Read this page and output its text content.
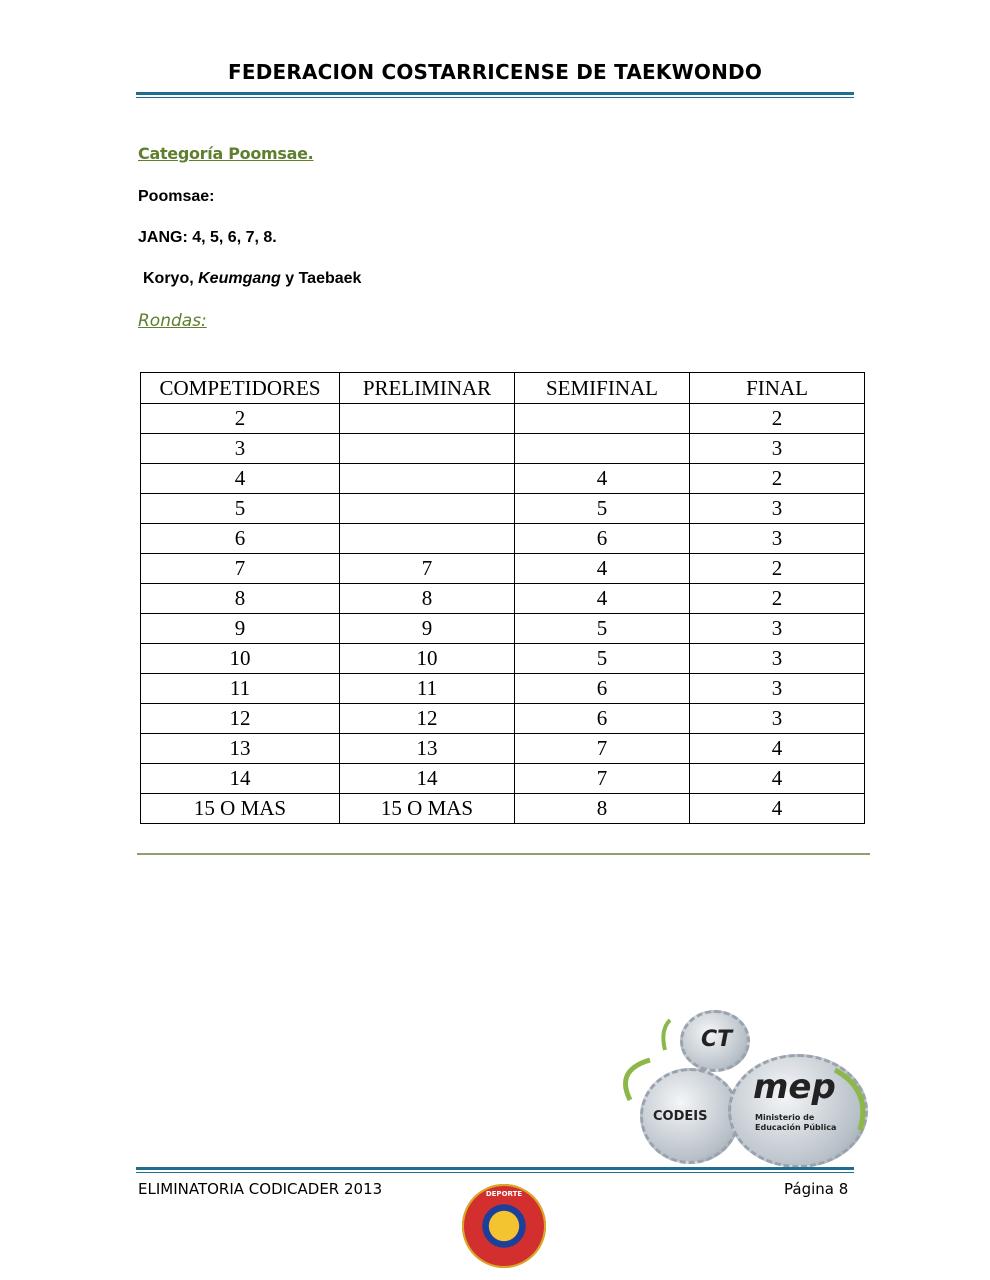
FEDERACION COSTARRICENSE DE TAEKWONDO
Categoría Poomsae.
Poomsae:
JANG: 4, 5, 6, 7, 8.
Koryo, Keumgang y Taebaek
Rondas:
COMPETIDORES	PRELIMINAR	SEMIFINAL	FINAL
2			2
3			3
4		4	2
5		5	3
6		6	3
7	7	4	2
8	8	4	2
9	9	5	3
10	10	5	3
11	11	6	3
12	12	6	3
13	13	7	4
14	14	7	4
15 O MAS	15 O MAS	8	4
CT
CODEIS
mep
Ministerio de Educación Pública
ELIMINATORIA CODICADER 2013	Página 8
DEPORTE
